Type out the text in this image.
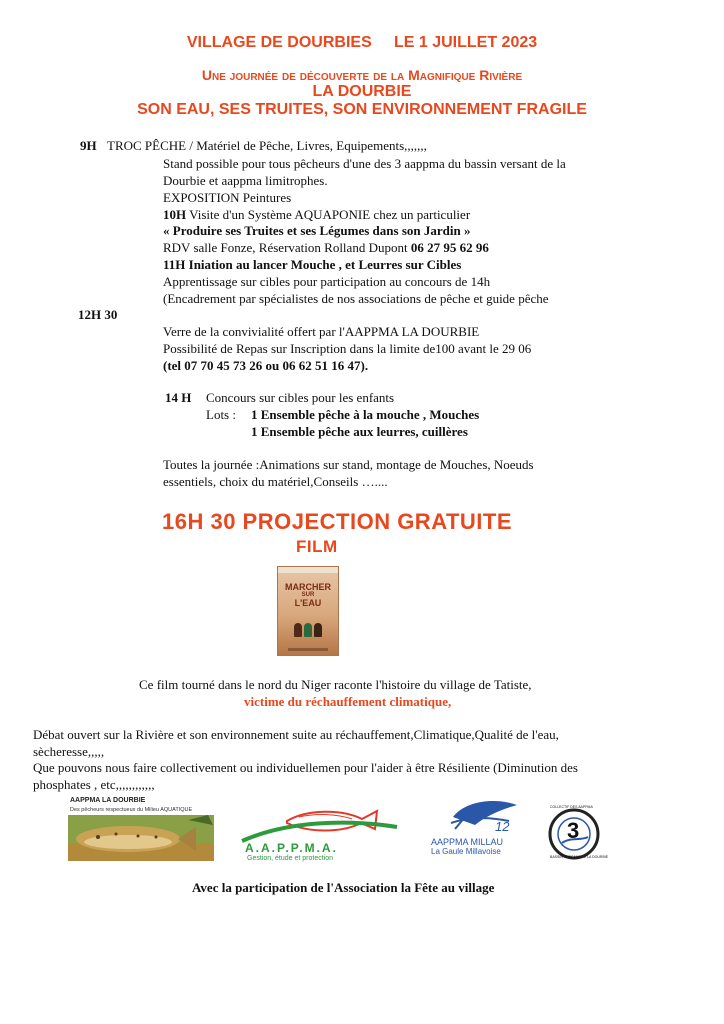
VILLAGE DE DOURBIES     LE 1 JUILLET 2023
Une journée de découverte de la Magnifique Rivière
LA DOURBIE
SON EAU, SES TRUITES, SON ENVIRONNEMENT FRAGILE
9H TROC PÊCHE / Matériel de Pêche, Livres, Equipements,,,,,,,
Stand possible pour tous pêcheurs d'une des 3 aappma du bassin versant de la
Dourbie et aappma limitrophes.
EXPOSITION Peintures
10H Visite d'un Système AQUAPONIE chez un particulier
« Produire ses Truites et ses Légumes dans son Jardin »
RDV salle Fonze, Réservation Rolland Dupont 06 27 95 62 96
11H Iniation au lancer Mouche , et Leurres sur Cibles
Apprentissage sur cibles pour participation au concours de 14h
(Encadrement par spécialistes de nos associations de pêche et guide pêche
12H 30
Verre de la convivialité offert par l'AAPPMA LA DOURBIE
Possibilité de Repas sur Inscription dans la limite de100 avant le 29 06
(tel 07 70 45 73 26 ou 06 62 51 16 47).
14 H Concours sur cibles pour les enfants
Lots : 1 Ensemble pêche à la mouche , Mouches
1 Ensemble pêche aux leurres, cuillères
Toutes la journée :Animations sur stand, montage de Mouches, Noeuds
essentiels, choix du matériel,Conseils …....
16H 30 PROJECTION GRATUITE
FILM
MARCHER
SUR
L'EAU
Ce film tourné dans le nord du Niger raconte l'histoire du village de Tatiste,
victime du réchauffement climatique,
Débat ouvert sur la Rivière et son environnement suite au réchauffement,Climatique,Qualité de l'eau,
sècheresse,,,,,
Que pouvons nous faire collectivement ou individuellemen pour l'aider à être Résiliente (Diminution des
phosphates , etc,,,,,,,,,,,,
AAPPMA LA DOURBIE
Des pêcheurs respectueux du Milieu AQUATIQUE
A.A.P.P.M.A.
Gestion, étude et protection
12
AAPPMA MILLAU
La Gaule Millavoise
3
COLLECTIF DES AAPPMA
BASSIN VERSANT DE LA DOURBIE
Avec la participation de l'Association la Fête au village
